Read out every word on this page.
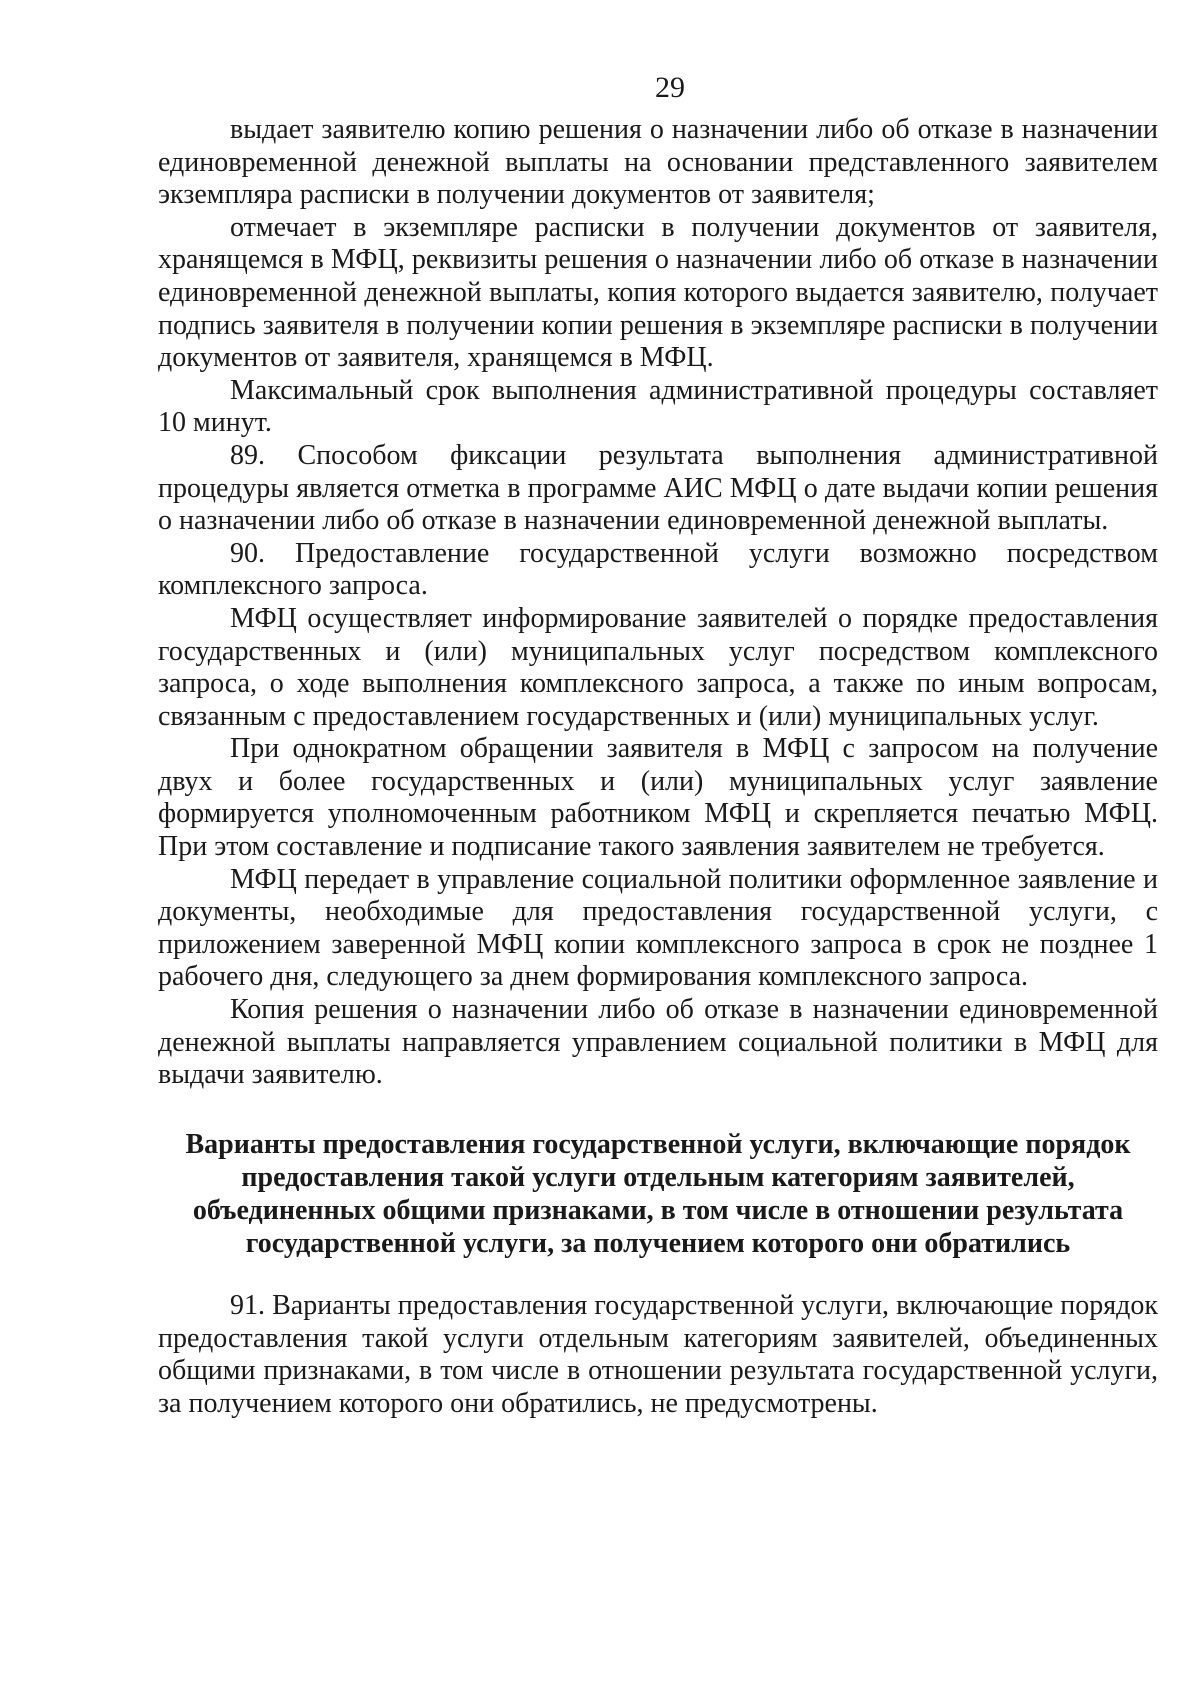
29

выдает заявителю копию решения о назначении либо об отказе в назначении единовременной денежной выплаты на основании представленного заявителем экземпляра расписки в получении документов от заявителя;

отмечает в экземпляре расписки в получении документов от заявителя, хранящемся в МФЦ, реквизиты решения о назначении либо об отказе в назначении единовременной денежной выплаты, копия которого выдается заявителю, получает подпись заявителя в получении копии решения в экземпляре расписки в получении документов от заявителя, хранящемся в МФЦ.

Максимальный срок выполнения административной процедуры составляет 10 минут.

89. Способом фиксации результата выполнения административной процедуры является отметка в программе АИС МФЦ о дате выдачи копии решения о назначении либо об отказе в назначении единовременной денежной выплаты.

90. Предоставление государственной услуги возможно посредством комплексного запроса.

МФЦ осуществляет информирование заявителей о порядке предоставления государственных и (или) муниципальных услуг посредством комплексного запроса, о ходе выполнения комплексного запроса, а также по иным вопросам, связанным с предоставлением государственных и (или) муниципальных услуг.

При однократном обращении заявителя в МФЦ с запросом на получение двух и более государственных и (или) муниципальных услуг заявление формируется уполномоченным работником МФЦ и скрепляется печатью МФЦ. При этом составление и подписание такого заявления заявителем не требуется.

МФЦ передает в управление социальной политики оформленное заявление и документы, необходимые для предоставления государственной услуги, с приложением заверенной МФЦ копии комплексного запроса в срок не позднее 1 рабочего дня, следующего за днем формирования комплексного запроса.

Копия решения о назначении либо об отказе в назначении единовременной денежной выплаты направляется управлением социальной политики в МФЦ для выдачи заявителю.

Варианты предоставления государственной услуги, включающие порядок предоставления такой услуги отдельным категориям заявителей, объединенных общими признаками, в том числе в отношении результата государственной услуги, за получением которого они обратились

91. Варианты предоставления государственной услуги, включающие порядок предоставления такой услуги отдельным категориям заявителей, объединенных общими признаками, в том числе в отношении результата государственной услуги, за получением которого они обратились, не предусмотрены.
